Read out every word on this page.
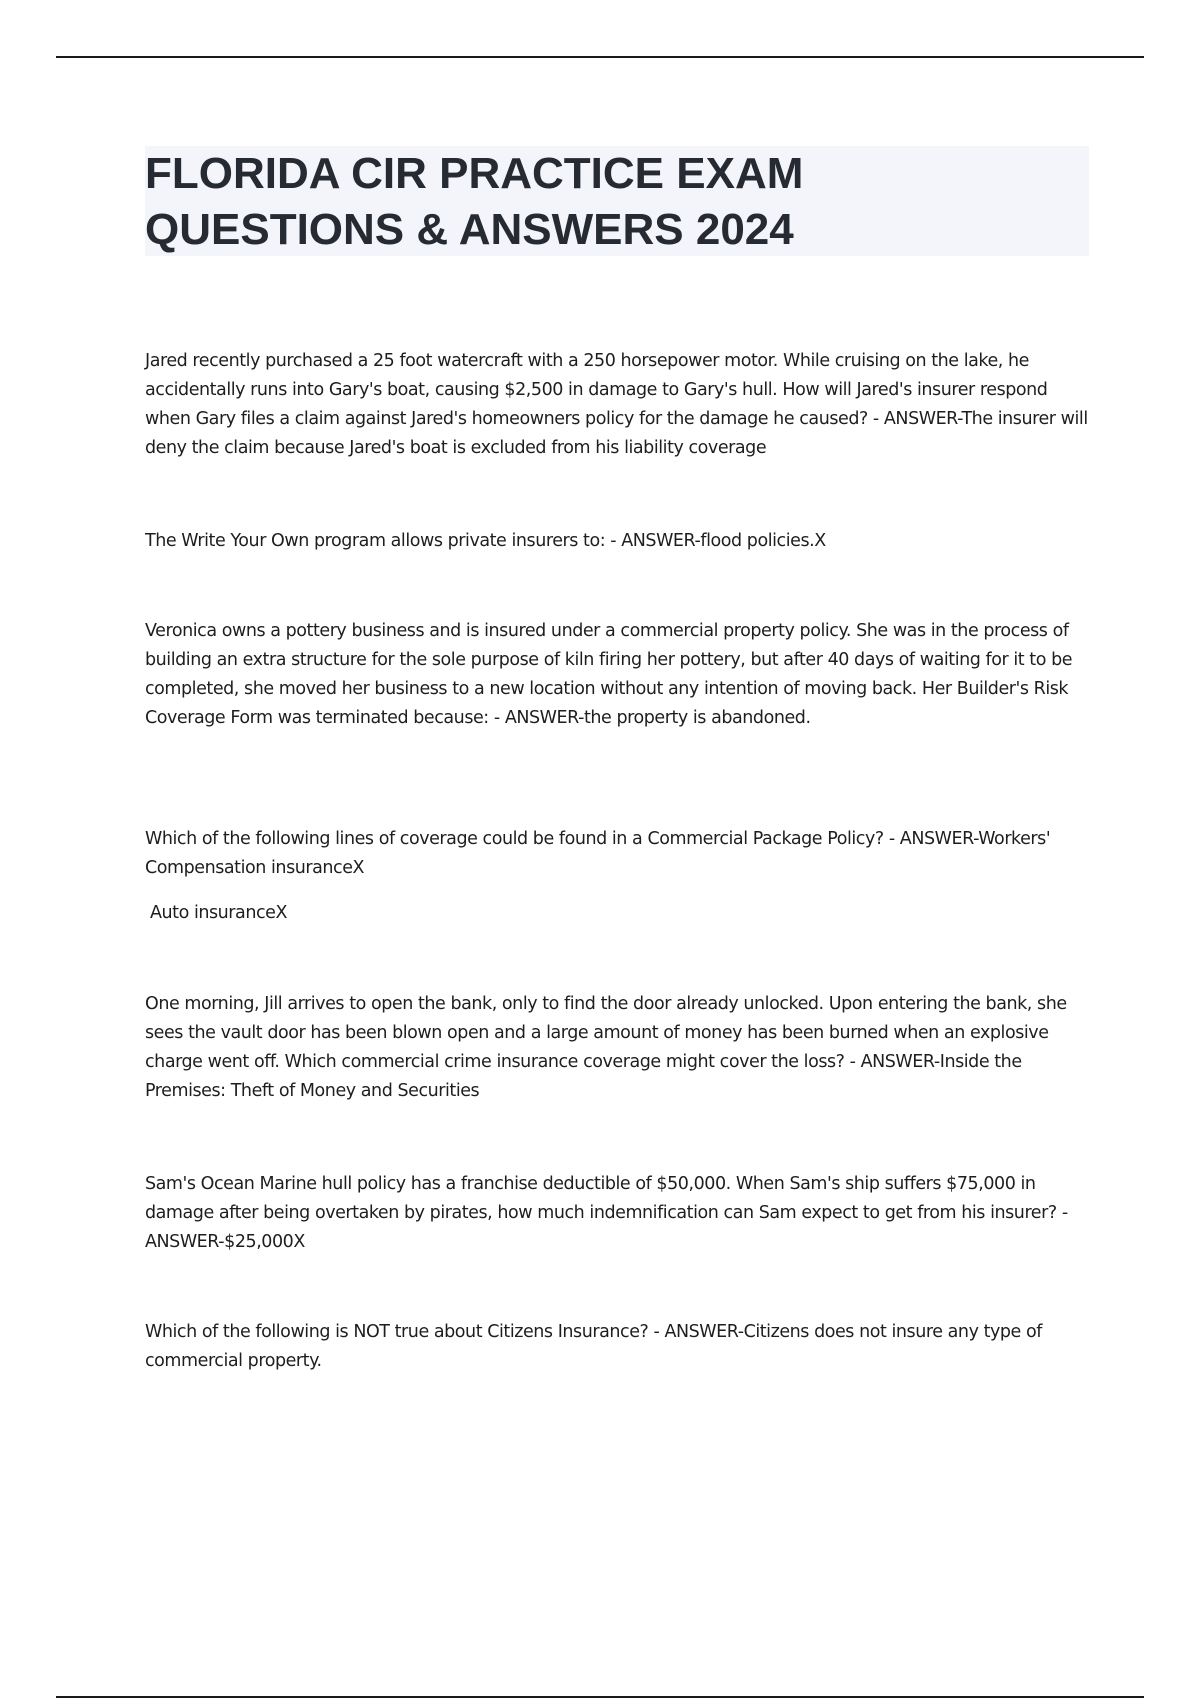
FLORIDA CIR PRACTICE EXAM
QUESTIONS & ANSWERS 2024

Jared recently purchased a 25 foot watercraft with a 250 horsepower motor. While cruising on the lake, he accidentally runs into Gary's boat, causing $2,500 in damage to Gary's hull. How will Jared's insurer respond when Gary files a claim against Jared's homeowners policy for the damage he caused? - ANSWER-The insurer will deny the claim because Jared's boat is excluded from his liability coverage

The Write Your Own program allows private insurers to: - ANSWER-flood policies.X

Veronica owns a pottery business and is insured under a commercial property policy. She was in the process of building an extra structure for the sole purpose of kiln firing her pottery, but after 40 days of waiting for it to be completed, she moved her business to a new location without any intention of moving back. Her Builder's Risk Coverage Form was terminated because: - ANSWER-the property is abandoned.

Which of the following lines of coverage could be found in a Commercial Package Policy? - ANSWER-Workers' Compensation insuranceX

Auto insuranceX

One morning, Jill arrives to open the bank, only to find the door already unlocked. Upon entering the bank, she sees the vault door has been blown open and a large amount of money has been burned when an explosive charge went off. Which commercial crime insurance coverage might cover the loss? - ANSWER-Inside the Premises: Theft of Money and Securities

Sam's Ocean Marine hull policy has a franchise deductible of $50,000. When Sam's ship suffers $75,000 in damage after being overtaken by pirates, how much indemnification can Sam expect to get from his insurer? - ANSWER-$25,000X

Which of the following is NOT true about Citizens Insurance? - ANSWER-Citizens does not insure any type of commercial property.
